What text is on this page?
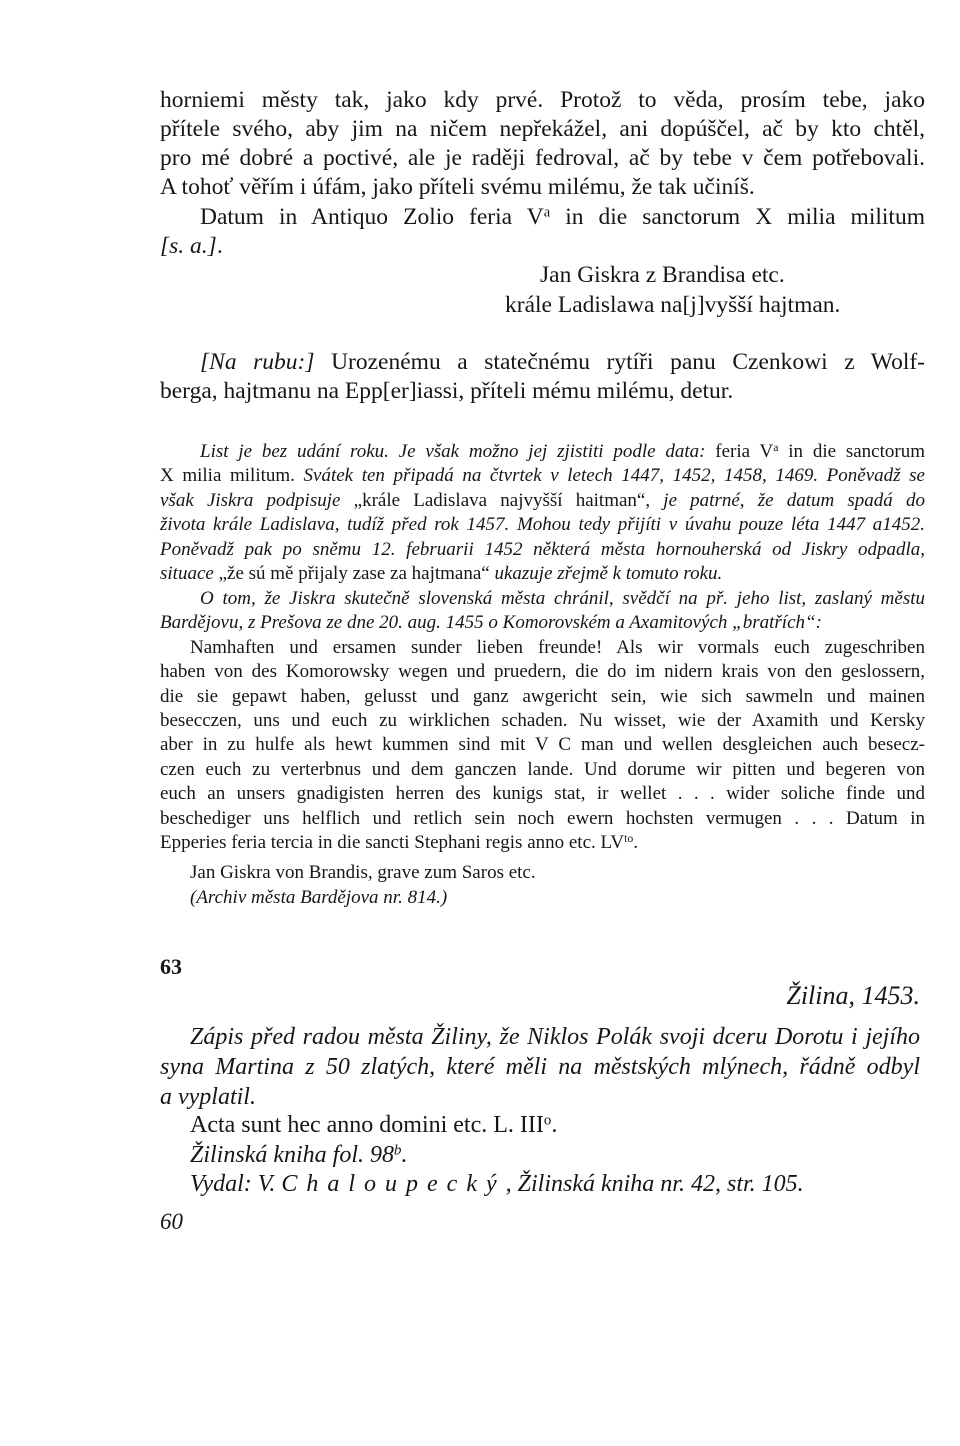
horniemi městy tak, jako kdy prvé. Protož to věda, prosím tebe, jako
přítele svého, aby jim na ničem nepřekážel, ani dopúščel, ač by kto chtěl,
pro mé dobré a poctivé, ale je raději fedroval, ač by tebe v čem potřebovali.
A tohoť věřím i úfám, jako příteli svému milému, že tak učiníš.
Datum in Antiquo Zolio feria $V^a$ in die sanctorum X milia militum
[s. a.].
Jan Giskra z Brandisa etc.
krále Ladislawa na[j]vyšší hajtman.
[Na rubu:] Urozenému a statečnému rytíři panu Czenkowi z Wolf-
berga, hajtmanu na Epp[er]iassi, příteli mému milému, detur.
List je bez udání roku. Je však možno jej zjistiti podle data: feria $V^a$ in die sanctorum
X milia militum. Svátek ten připadá na čtvrtek v letech 1447, 1452, 1458, 1469. Poněvadž se
však Jiskra podpisuje „krále Ladislava najvyšší haitman“, je patrné, že datum spadá do
života krále Ladislava, tudíž před rok 1457. Mohou tedy přijíti v úvahu pouze léta 1447 a1452.
Poněvadž pak po sněmu 12. februarii 1452 některá města hornouherská od Jiskry odpadla,
situace „že sú mě přijaly zase za hajtmana“ ukazuje zřejmě k tomuto roku.
O tom, že Jiskra skutečně slovenská města chránil, svědčí na př. jeho list, zaslaný městu
Bardějovu, z Prešova ze dne 20. aug. 1455 o Komorovském a Axamitových „bratřích“:
Namhaften und ersamen sunder lieben freunde! Als wir vormals euch zugeschriben
haben von des Komorowsky wegen und pruedern, die do im nidern krais von den geslossern,
die sie gepawt haben, gelusst und ganz awgericht sein, wie sich sawmeln und mainen
besecczen, uns und euch zu wirklichen schaden. Nu wisset, wie der Axamith und Kersky
aber in zu hulfe als hewt kummen sind mit V C man und wellen desgleichen auch besecz-
czen euch zu verterbnus und dem ganczen lande. Und dorume wir pitten und begeren von
euch an unsers gnadigisten herren des kunigs stat, ir wellet . . . wider soliche finde und
beschediger uns helflich und retlich sein noch ewern hochsten vermugen . . . Datum in
Epperies feria tercia in die sancti Stephani regis anno etc. $LV^{to}$.
Jan Giskra von Brandis, grave zum Saros etc.
(Archiv města Bardějova nr. 814.)
63
Žilina, 1453.
Zápis před radou města Žiliny, že Niklos Polák svoji dceru Dorotu i jejího
syna Martina z 50 zlatých, které měli na městských mlýnech, řádně odbyl
a vyplatil.
Acta sunt hec anno domini etc. L. III$^o$.
Žilinská kniha fol. 98$^b$.
Vydal: V. Chaloupecký, Žilinská kniha nr. 42, str. 105.
60
